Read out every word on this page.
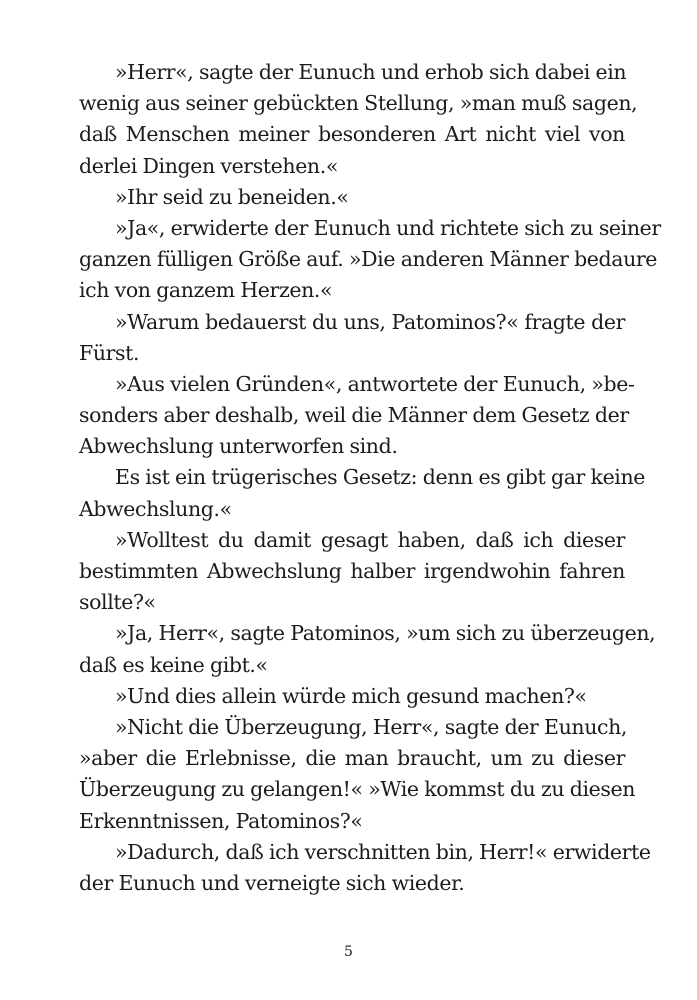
»Herr«, sagte der Eunuch und erhob sich dabei ein
wenig aus seiner gebückten Stellung, »man muß sagen,
daß Menschen meiner besonderen Art nicht viel von
derlei Dingen verstehen.«
»Ihr seid zu beneiden.«
»Ja«, erwiderte der Eunuch und richtete sich zu seiner
ganzen fülligen Größe auf. »Die anderen Männer bedaure
ich von ganzem Herzen.«
»Warum bedauerst du uns, Patominos?« fragte der
Fürst.
»Aus vielen Gründen«, antwortete der Eunuch, »be-
sonders aber deshalb, weil die Männer dem Gesetz der
Abwechslung unterworfen sind.
Es ist ein trügerisches Gesetz: denn es gibt gar keine
Abwechslung.«
»Wolltest du damit gesagt haben, daß ich dieser
bestimmten Abwechslung halber irgendwohin fahren
sollte?«
»Ja, Herr«, sagte Patominos, »um sich zu überzeugen,
daß es keine gibt.«
»Und dies allein würde mich gesund machen?«
»Nicht die Überzeugung, Herr«, sagte der Eunuch,
»aber die Erlebnisse, die man braucht, um zu dieser
Überzeugung zu gelangen!« »Wie kommst du zu diesen
Erkenntnissen, Patominos?«
»Dadurch, daß ich verschnitten bin, Herr!« erwiderte
der Eunuch und verneigte sich wieder.
5
